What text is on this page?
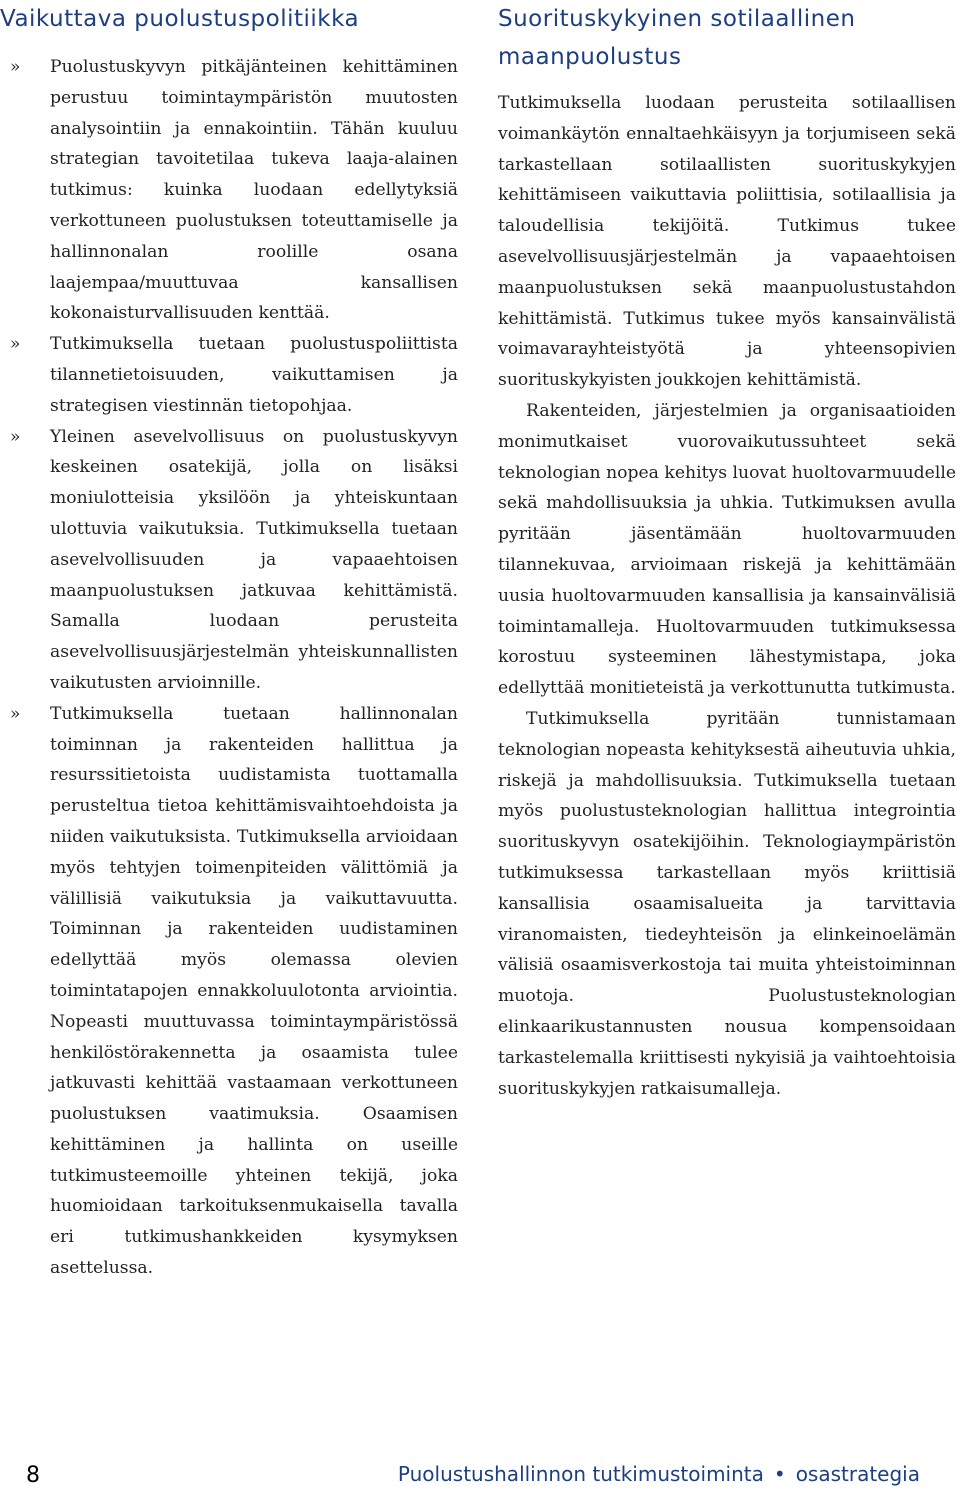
Vaikuttava puolustuspolitiikka

» Puolustuskyvyn pitkäjänteinen kehittäminen perustuu toimintaympäristön muutosten analysointiin ja ennakointiin. Tähän kuuluu strategian tavoitetilaa tukeva laaja-alainen tutkimus: kuinka luodaan edellytyksiä verkottuneen puolustuksen toteuttamiselle ja hallinnonalan roolille osana laajempaa/muuttuvaa kansallisen kokonaisturvallisuuden kenttää.

» Tutkimuksella tuetaan puolustuspoliittista tilannetietoisuuden, vaikuttamisen ja strategisen viestinnän tietopohjaa.

» Yleinen asevelvollisuus on puolustuskyvyn keskeinen osatekijä, jolla on lisäksi moniulotteisia yksilöön ja yhteiskuntaan ulottuvia vaikutuksia. Tutkimuksella tuetaan asevelvollisuuden ja vapaaehtoisen maanpuolustuksen jatkuvaa kehittämistä. Samalla luodaan perusteita asevelvollisuusjärjestelmän yhteiskunnallisten vaikutusten arvioinnille.

» Tutkimuksella tuetaan hallinnonalan toiminnan ja rakenteiden hallittua ja resurssitietoista uudistamista tuottamalla perusteltua tietoa kehittämisvaihtoehdoista ja niiden vaikutuksista. Tutkimuksella arvioidaan myös tehtyjen toimenpiteiden välittömiä ja välillisiä vaikutuksia ja vaikuttavuutta. Toiminnan ja rakenteiden uudistaminen edellyttää myös olemassa olevien toimintatapojen ennakkoluulotonta arviointia. Nopeasti muuttuvassa toimintaympäristössä henkilöstörakennetta ja osaamista tulee jatkuvasti kehittää vastaamaan verkottuneen puolustuksen vaatimuksia. Osaamisen kehittäminen ja hallinta on useille tutkimusteemoille yhteinen tekijä, joka huomioidaan tarkoituksenmukaisella tavalla eri tutkimushankkeiden kysymyksen asettelussa.

Suorituskykyinen sotilaallinen maanpuolustus

Tutkimuksella luodaan perusteita sotilaallisen voimankäytön ennaltaehkäisyyn ja torjumiseen sekä tarkastellaan sotilaallisten suorituskykyjen kehittämiseen vaikuttavia poliittisia, sotilaallisia ja taloudellisia tekijöitä. Tutkimus tukee asevelvollisuusjärjestelmän ja vapaaehtoisen maanpuolustuksen sekä maanpuolustustahdon kehittämistä. Tutkimus tukee myös kansainvälistä voimavarayhteistyötä ja yhteensopivien suorituskykyisten joukkojen kehittämistä.

Rakenteiden, järjestelmien ja organisaatioiden monimutkaiset vuorovaikutussuhteet sekä teknologian nopea kehitys luovat huoltovarmuudelle sekä mahdollisuuksia ja uhkia. Tutkimuksen avulla pyritään jäsentämään huoltovarmuuden tilannekuvaa, arvioimaan riskejä ja kehittämään uusia huoltovarmuuden kansallisia ja kansainvälisiä toimintamalleja. Huoltovarmuuden tutkimuksessa korostuu systeeminen lähestymistapa, joka edellyttää monitieteistä ja verkottunutta tutkimusta.

Tutkimuksella pyritään tunnistamaan teknologian nopeasta kehityksestä aiheutuvia uhkia, riskejä ja mahdollisuuksia. Tutkimuksella tuetaan myös puolustusteknologian hallittua integrointia suorituskyvyn osatekijöihin. Teknologiaympäristön tutkimuksessa tarkastellaan myös kriittisiä kansallisia osaamisalueita ja tarvittavia viranomaisten, tiedeyhteisön ja elinkeinoelämän välisiä osaamisverkostoja tai muita yhteistoiminnan muotoja. Puolustusteknologian elinkaarikustannusten nousua kompensoidaan tarkastelemalla kriittisesti nykyisiä ja vaihtoehtoisia suorituskykyjen ratkaisumalleja.

8	Puolustushallinnon tutkimustoiminta • osastrategia
